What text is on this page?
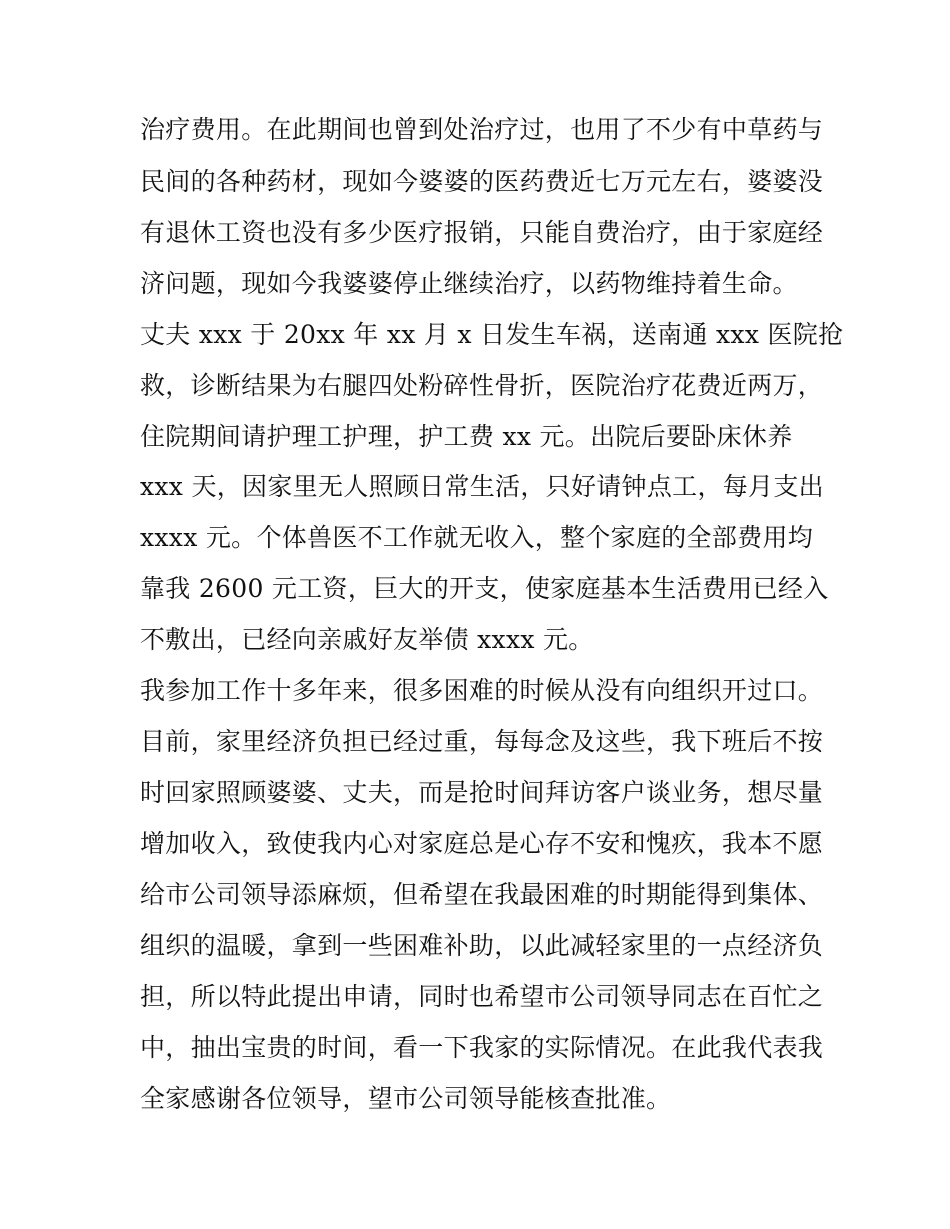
治疗费用。在此期间也曾到处治疗过，也用了不少有中草药与
民间的各种药材，现如今婆婆的医药费近七万元左右，婆婆没
有退休工资也没有多少医疗报销，只能自费治疗，由于家庭经
济问题，现如今我婆婆停止继续治疗，以药物维持着生命。
丈夫 xxx 于 20xx 年 xx 月 x 日发生车祸，送南通 xxx 医院抢
救，诊断结果为右腿四处粉碎性骨折，医院治疗花费近两万，
住院期间请护理工护理，护工费 xx 元。出院后要卧床休养
xxx 天，因家里无人照顾日常生活，只好请钟点工，每月支出
xxxx 元。个体兽医不工作就无收入，整个家庭的全部费用均
靠我 2600 元工资，巨大的开支，使家庭基本生活费用已经入
不敷出，已经向亲戚好友举债 xxxx 元。
我参加工作十多年来，很多困难的时候从没有向组织开过口。
目前，家里经济负担已经过重，每每念及这些，我下班后不按
时回家照顾婆婆、丈夫，而是抢时间拜访客户谈业务，想尽量
增加收入，致使我内心对家庭总是心存不安和愧疚，我本不愿
给市公司领导添麻烦，但希望在我最困难的时期能得到集体、
组织的温暖，拿到一些困难补助，以此减轻家里的一点经济负
担，所以特此提出申请，同时也希望市公司领导同志在百忙之
中，抽出宝贵的时间，看一下我家的实际情况。在此我代表我
全家感谢各位领导，望市公司领导能核查批准。
